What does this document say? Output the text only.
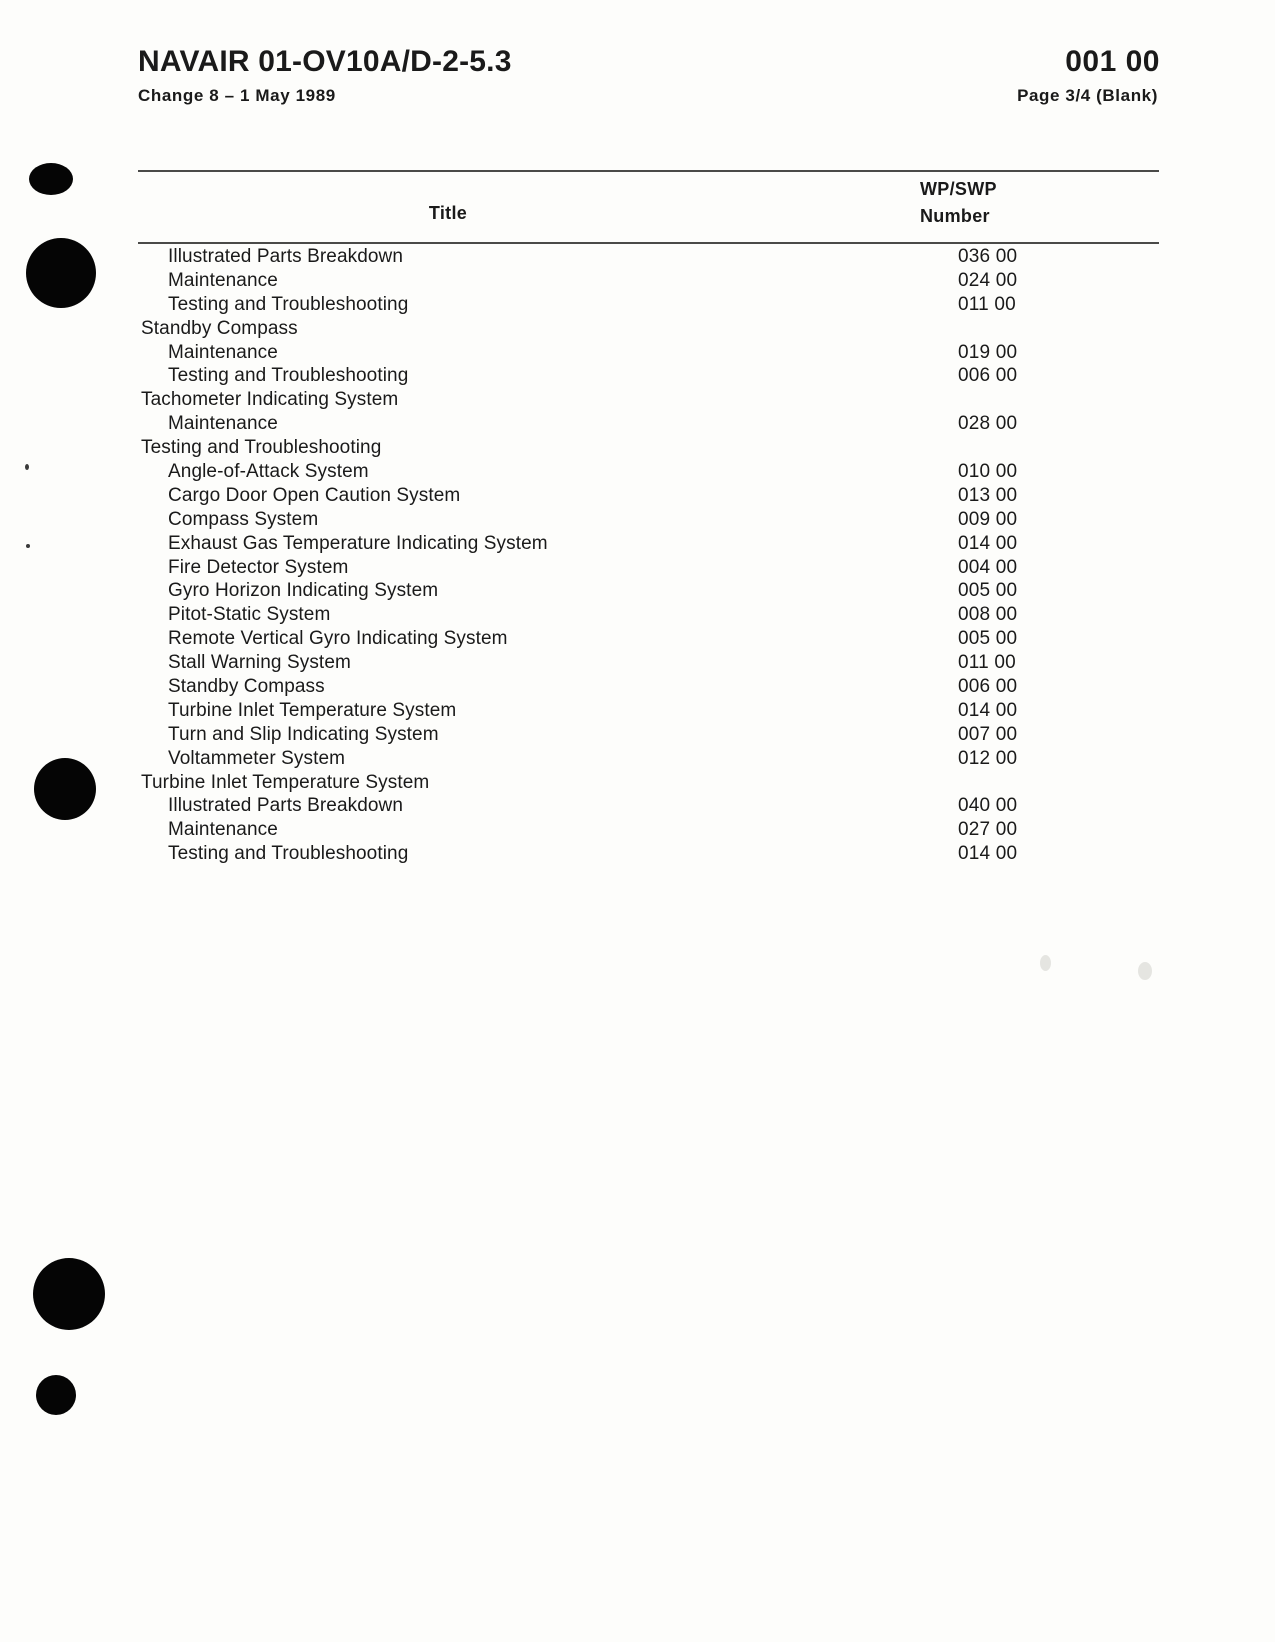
NAVAIR 01-OV10A/D-2-5.3	001 00
Change 8 – 1 May 1989	Page 3/4 (Blank)
Title
WP/SWP
Number
Illustrated Parts Breakdown	036 00
Maintenance	024 00
Testing and Troubleshooting	011 00
Standby Compass
Maintenance	019 00
Testing and Troubleshooting	006 00
Tachometer Indicating System
Maintenance	028 00
Testing and Troubleshooting
Angle-of-Attack System	010 00
Cargo Door Open Caution System	013 00
Compass System	009 00
Exhaust Gas Temperature Indicating System	014 00
Fire Detector System	004 00
Gyro Horizon Indicating System	005 00
Pitot-Static System	008 00
Remote Vertical Gyro Indicating System	005 00
Stall Warning System	011 00
Standby Compass	006 00
Turbine Inlet Temperature System	014 00
Turn and Slip Indicating System	007 00
Voltammeter System	012 00
Turbine Inlet Temperature System
Illustrated Parts Breakdown	040 00
Maintenance	027 00
Testing and Troubleshooting	014 00
